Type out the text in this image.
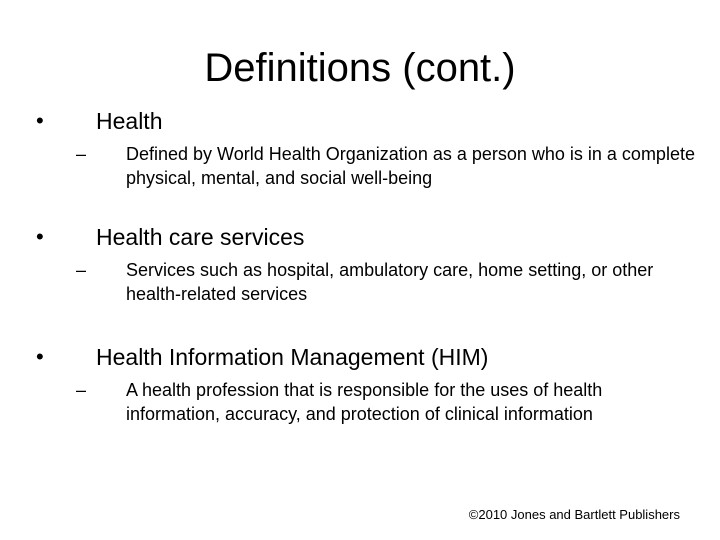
Definitions (cont.)
• Health
– Defined by World Health Organization as a person who is in a complete physical, mental, and social well-being
• Health care services
– Services such as hospital, ambulatory care, home setting, or other health-related services
• Health Information Management (HIM)
– A health profession that is responsible for the uses of health information, accuracy, and protection of clinical information
©2010 Jones and Bartlett Publishers
